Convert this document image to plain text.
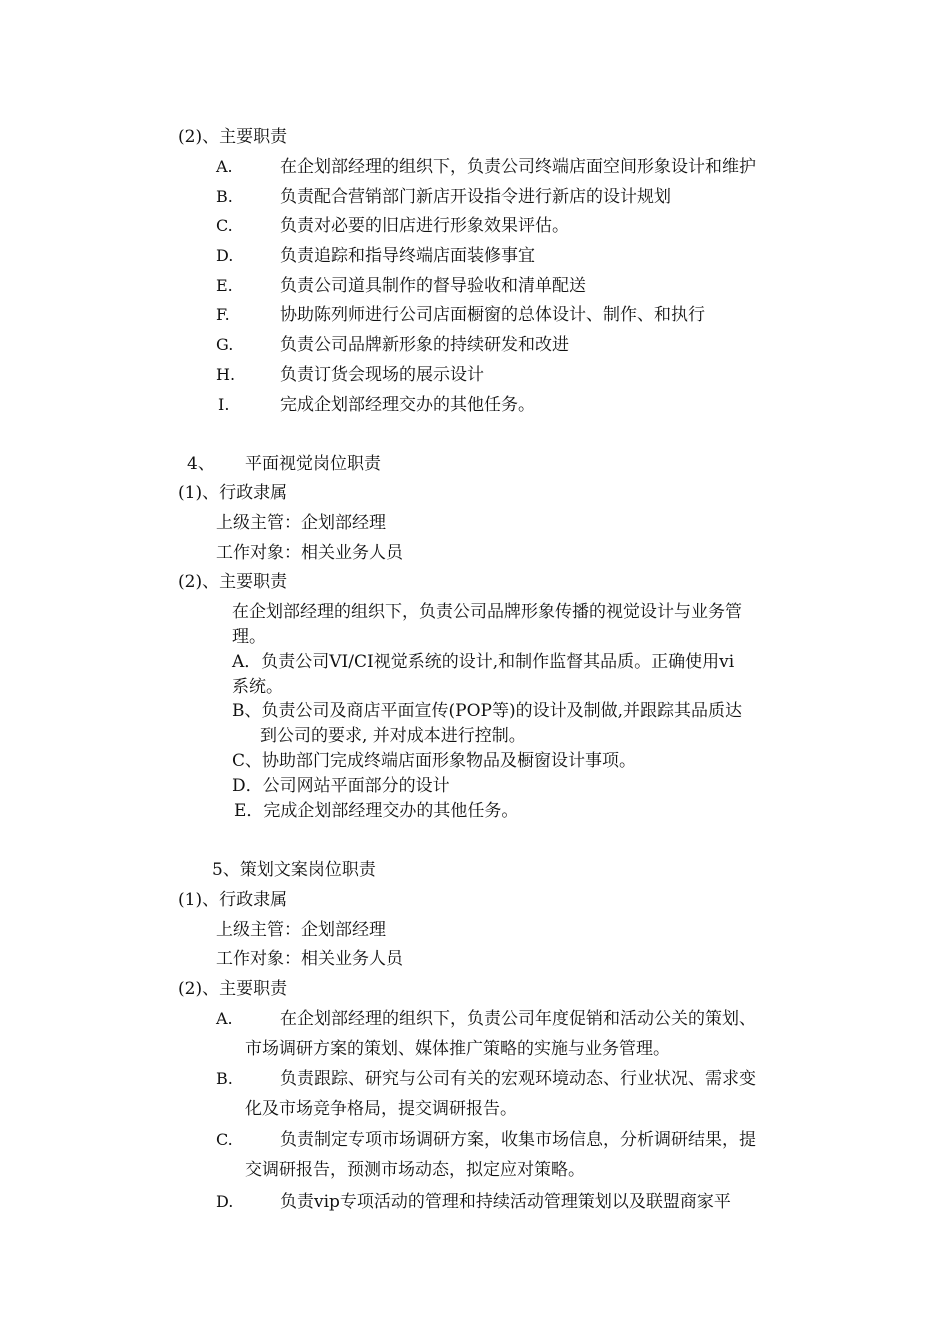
(2)、主要职责
A.	在企划部经理的组织下，负责公司终端店面空间形象设计和维护
B.	负责配合营销部门新店开设指令进行新店的设计规划
C.	负责对必要的旧店进行形象效果评估。
D.	负责追踪和指导终端店面装修事宜
E.	负责公司道具制作的督导验收和清单配送
F.	协助陈列师进行公司店面橱窗的总体设计、制作、和执行
G.	负责公司品牌新形象的持续研发和改进
H.	负责订货会现场的展示设计
I.	完成企划部经理交办的其他任务。
4、 平面视觉岗位职责
(1)、行政隶属
上级主管：企划部经理
工作对象：相关业务人员
(2)、主要职责
在企划部经理的组织下，负责公司品牌形象传播的视觉设计与业务管
理。
A．负责公司VI/CI视觉系统的设计,和制作监督其品质。正确使用vi
系统。
B、负责公司及商店平面宣传(POP等)的设计及制做,并跟踪其品质达
到公司的要求, 并对成本进行控制。
C、协助部门完成终端店面形象物品及橱窗设计事项。
D．公司网站平面部分的设计
E．完成企划部经理交办的其他任务。
5、策划文案岗位职责
(1)、行政隶属
上级主管：企划部经理
工作对象：相关业务人员
(2)、主要职责
A.	在企划部经理的组织下，负责公司年度促销和活动公关的策划、
市场调研方案的策划、媒体推广策略的实施与业务管理。
B.	负责跟踪、研究与公司有关的宏观环境动态、行业状况、需求变
化及市场竞争格局，提交调研报告。
C.	负责制定专项市场调研方案，收集市场信息，分析调研结果，提
交调研报告，预测市场动态，拟定应对策略。
D.	负责vip专项活动的管理和持续活动管理策划以及联盟商家平
